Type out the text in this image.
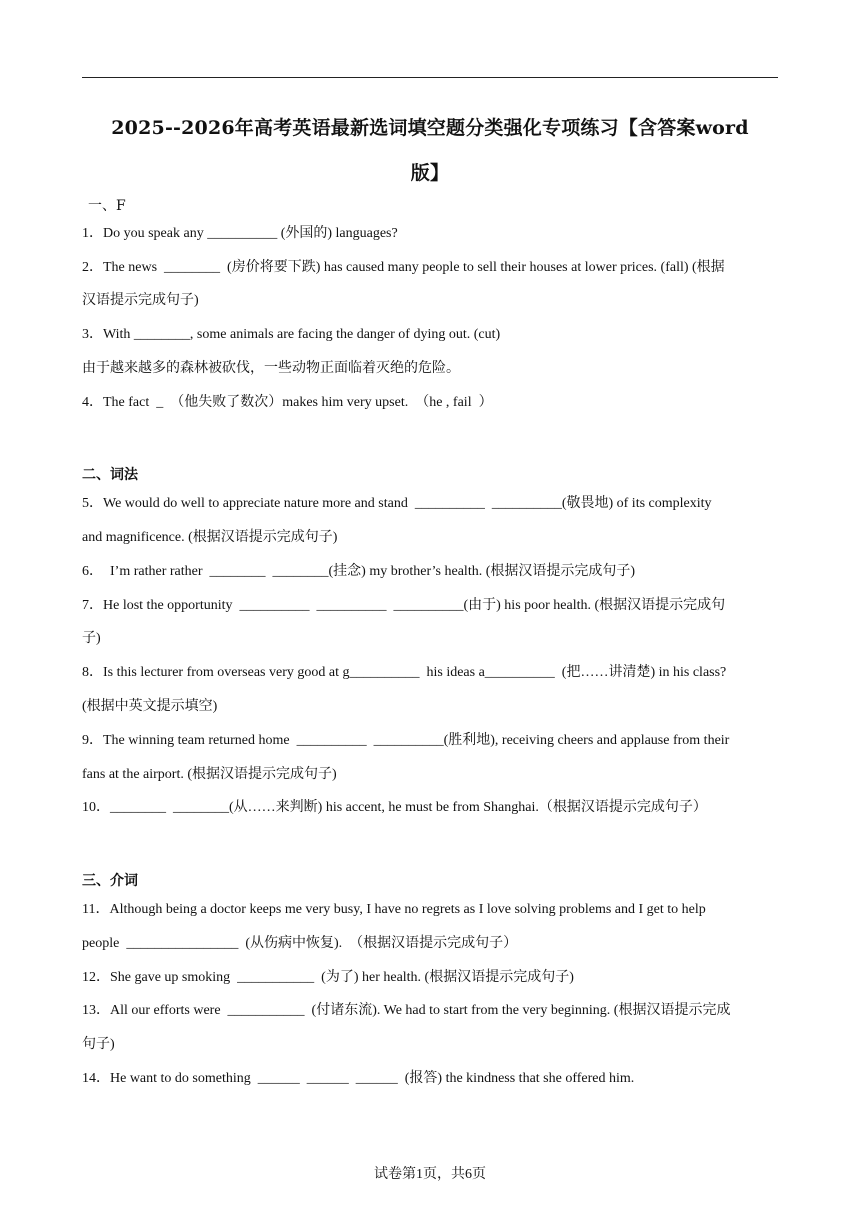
2025--2026年高考英语最新选词填空题分类强化专项练习【含答案word
版】
一、F
1．Do you speak any __________ (外国的) languages?
2．The news  ________  (房价将要下跌) has caused many people to sell their houses at lower prices. (fall) (根据
汉语提示完成句子)
3．With ________, some animals are facing the danger of dying out. (cut)
由于越来越多的森林被砍伐，一些动物正面临着灭绝的危险。
4．The fact  _  （他失败了数次）makes him very upset.  （he , fail  ）
二、词法
5．We would do well to appreciate nature more and stand  __________  __________(敬畏地) of its complexity
and magnificence. (根据汉语提示完成句子)
6．  I’m rather rather  ________  ________(挂念) my brother’s health. (根据汉语提示完成句子)
7．He lost the opportunity  __________  __________  __________(由于) his poor health. (根据汉语提示完成句
子)
8．Is this lecturer from overseas very good at g__________  his ideas a__________  (把……讲清楚) in his class?
(根据中英文提示填空)
9．The winning team returned home  __________  __________(胜利地), receiving cheers and applause from their
fans at the airport. (根据汉语提示完成句子)
10．________  ________(从……来判断) his accent, he must be from Shanghai.（根据汉语提示完成句子）
三、介词
11．Although being a doctor keeps me very busy, I have no regrets as I love solving problems and I get to help
people  ________________  (从伤病中恢复).  （根据汉语提示完成句子）
12．She gave up smoking  ___________  (为了) her health. (根据汉语提示完成句子)
13．All our efforts were  ___________  (付诸东流). We had to start from the very beginning. (根据汉语提示完成
句子)
14．He want to do something  ______  ______  ______  (报答) the kindness that she offered him.
试卷第1页，共6页
